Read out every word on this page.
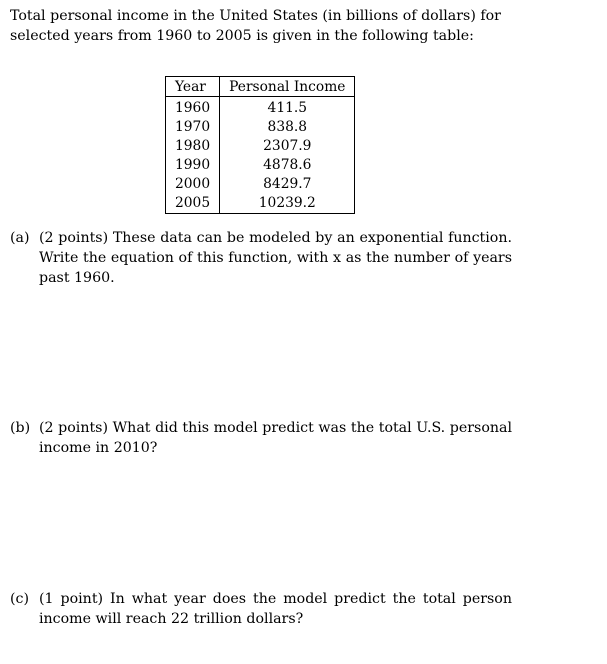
Total personal income in the United States (in billions of dollars) for selected years from 1960 to 2005 is given in the following table:

Year	Personal Income
1960	411.5
1970	838.8
1980	2307.9
1990	4878.6
2000	8429.7
2005	10239.2
(a) (2 points) These data can be modeled by an exponential function. Write the equation of this function, with x as the number of years past 1960.
(b) (2 points) What did this model predict was the total U.S. personal income in 2010?
(c) (1 point) In what year does the model predict the total person income will reach 22 trillion dollars?
